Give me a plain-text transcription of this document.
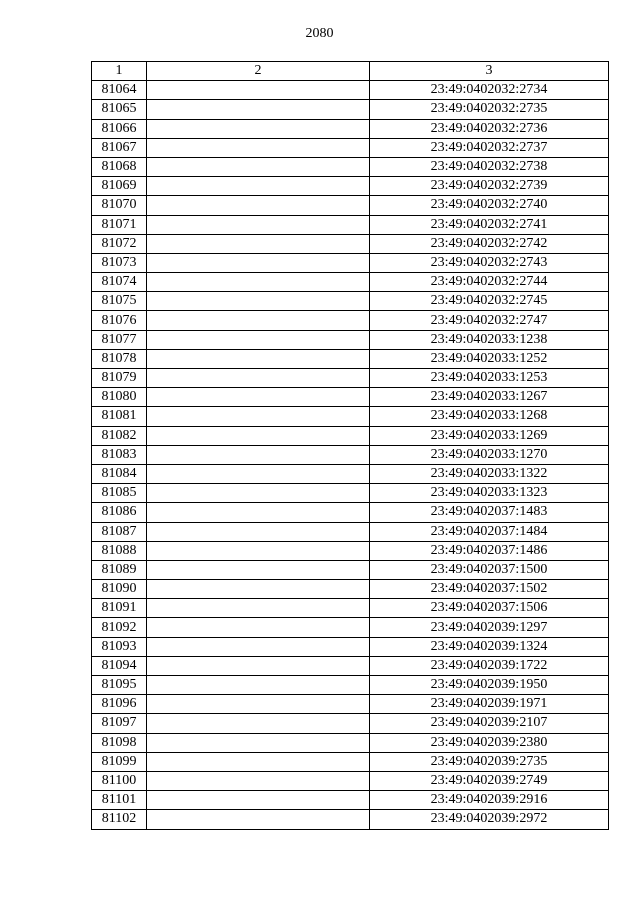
2080
1	2	3
81064		23:49:0402032:2734
81065		23:49:0402032:2735
81066		23:49:0402032:2736
81067		23:49:0402032:2737
81068		23:49:0402032:2738
81069		23:49:0402032:2739
81070		23:49:0402032:2740
81071		23:49:0402032:2741
81072		23:49:0402032:2742
81073		23:49:0402032:2743
81074		23:49:0402032:2744
81075		23:49:0402032:2745
81076		23:49:0402032:2747
81077		23:49:0402033:1238
81078		23:49:0402033:1252
81079		23:49:0402033:1253
81080		23:49:0402033:1267
81081		23:49:0402033:1268
81082		23:49:0402033:1269
81083		23:49:0402033:1270
81084		23:49:0402033:1322
81085		23:49:0402033:1323
81086		23:49:0402037:1483
81087		23:49:0402037:1484
81088		23:49:0402037:1486
81089		23:49:0402037:1500
81090		23:49:0402037:1502
81091		23:49:0402037:1506
81092		23:49:0402039:1297
81093		23:49:0402039:1324
81094		23:49:0402039:1722
81095		23:49:0402039:1950
81096		23:49:0402039:1971
81097		23:49:0402039:2107
81098		23:49:0402039:2380
81099		23:49:0402039:2735
81100		23:49:0402039:2749
81101		23:49:0402039:2916
81102		23:49:0402039:2972
